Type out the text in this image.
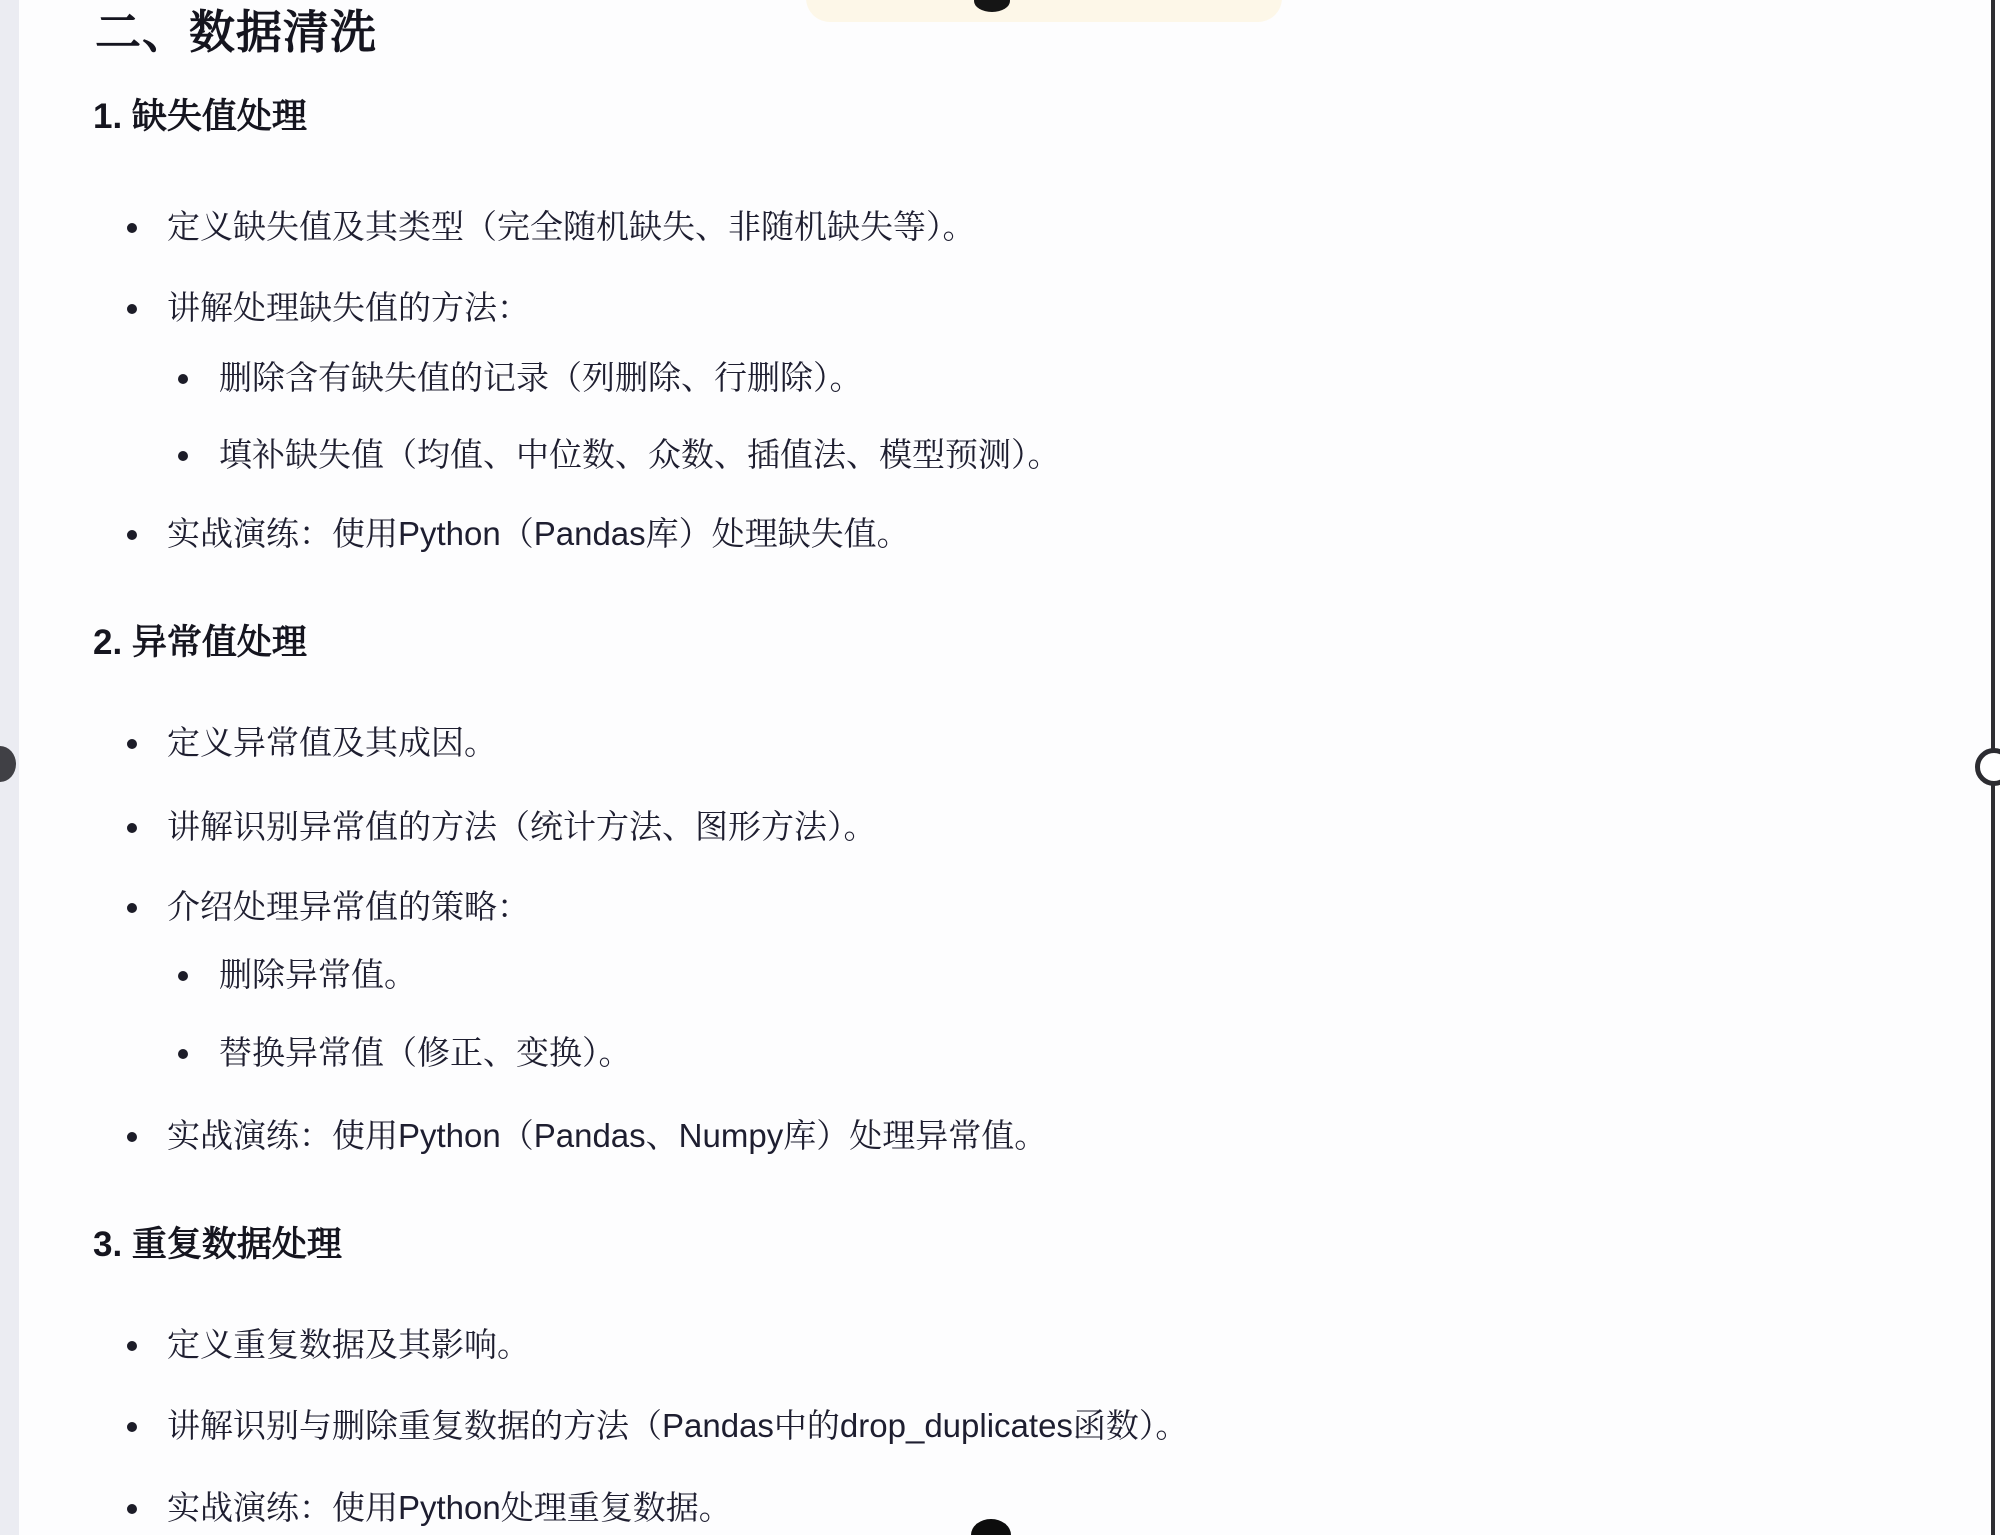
二、数据清洗
1. 缺失值处理
定义缺失值及其类型（完全随机缺失、非随机缺失等）。
讲解处理缺失值的方法：
删除含有缺失值的记录（列删除、行删除）。
填补缺失值（均值、中位数、众数、插值法、模型预测）。
实战演练：使用Python（Pandas库）处理缺失值。
2. 异常值处理
定义异常值及其成因。
讲解识别异常值的方法（统计方法、图形方法）。
介绍处理异常值的策略：
删除异常值。
替换异常值（修正、变换）。
实战演练：使用Python（Pandas、Numpy库）处理异常值。
3. 重复数据处理
定义重复数据及其影响。
讲解识别与删除重复数据的方法（Pandas中的drop_duplicates函数）。
实战演练：使用Python处理重复数据。
